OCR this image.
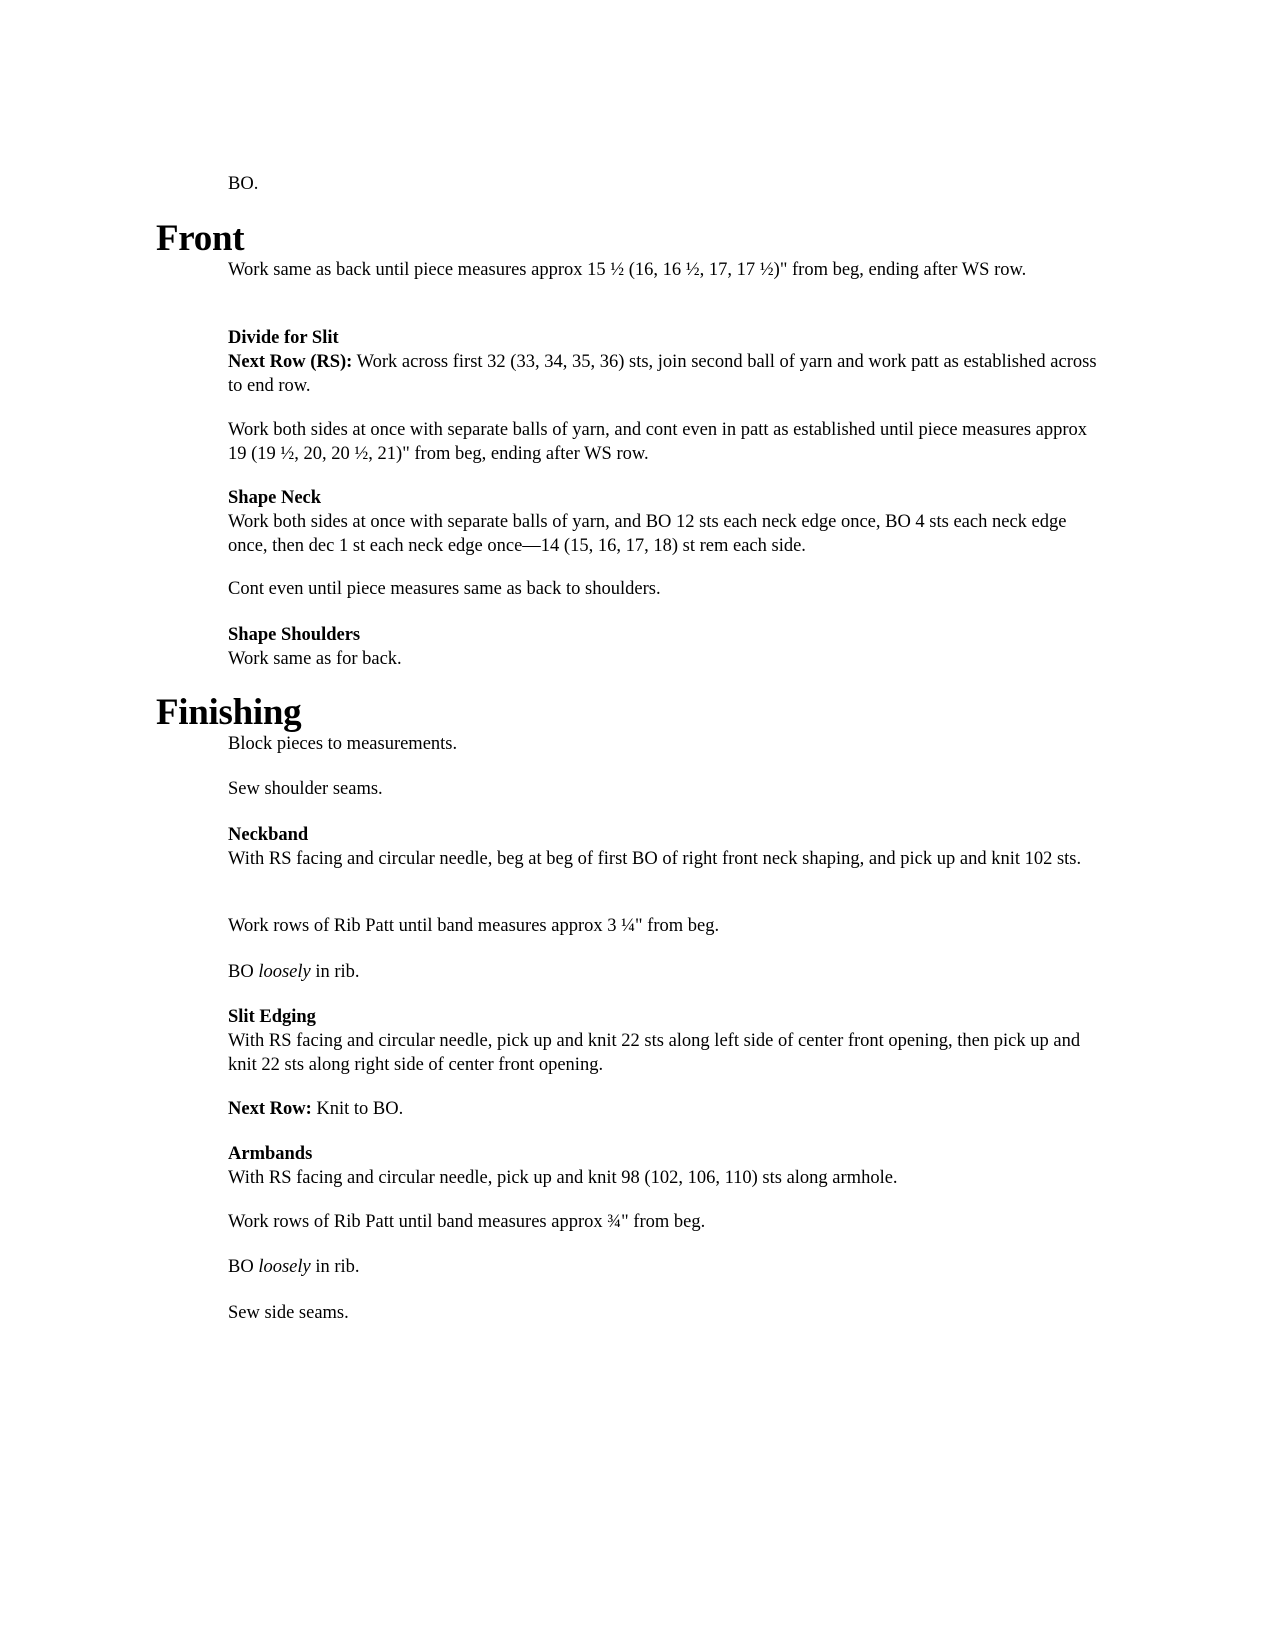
BO.

Front

Work same as back until piece measures approx 15 ½ (16, 16 ½, 17, 17 ½)" from beg, ending after WS row.

Divide for Slit

Next Row (RS): Work across first 32 (33, 34, 35, 36) sts, join second ball of yarn and work patt as established across to end row.

Work both sides at once with separate balls of yarn, and cont even in patt as established until piece measures approx 19 (19 ½, 20, 20 ½, 21)" from beg, ending after WS row.

Shape Neck

Work both sides at once with separate balls of yarn, and BO 12 sts each neck edge once, BO 4 sts each neck edge once, then dec 1 st each neck edge once—14 (15, 16, 17, 18) st rem each side.

Cont even until piece measures same as back to shoulders.

Shape Shoulders

Work same as for back.

Finishing

Block pieces to measurements.

Sew shoulder seams.

Neckband

With RS facing and circular needle, beg at beg of first BO of right front neck shaping, and pick up and knit 102 sts.

Work rows of Rib Patt until band measures approx 3 ¼" from beg.

BO loosely in rib.

Slit Edging

With RS facing and circular needle, pick up and knit 22 sts along left side of center front opening, then pick up and knit 22 sts along right side of center front opening.

Next Row: Knit to BO.

Armbands

With RS facing and circular needle, pick up and knit 98 (102, 106, 110) sts along armhole.

Work rows of Rib Patt until band measures approx ¾" from beg.

BO loosely in rib.

Sew side seams.
